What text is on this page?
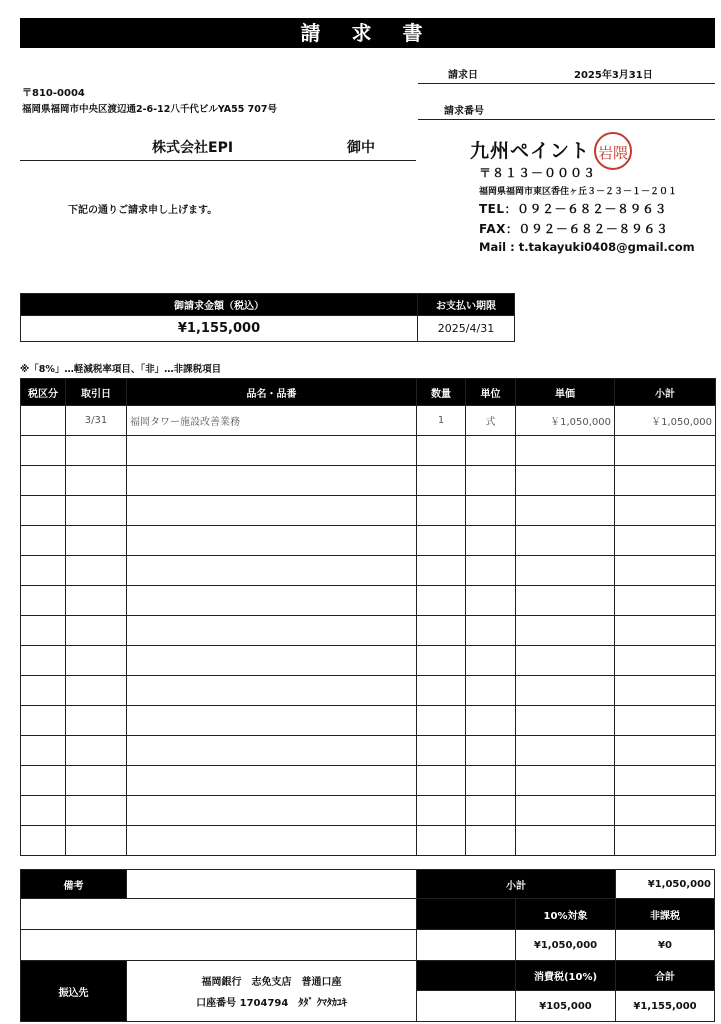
請 求 書
請求日	2025年3月31日
請求番号
〒810-0004
福岡県福岡市中央区渡辺通2-6-12八千代ビルYA55 707号
株式会社EPI	御中
下記の通りご請求申し上げます。
九州ペイント 岩隈
〒８１３－０００３
福岡県福岡市東区香住ヶ丘３－２３－１－２０１
TEL：０９２－６８２－８９６３
FAX：０９２－６８２－８９６３
Mail : t.takayuki0408@gmail.com
御請求金額（税込）	お支払い期限
¥1,155,000	2025/4/31
※「8%」…軽減税率項目、「非」…非課税項目
税区分	取引日	品名・品番	数量	単位	単価	小計
	3/31	福岡タワー施設改善業務	1	式	￥1,050,000	￥1,050,000

備考	小計	¥1,050,000
10%対象	非課税
¥1,050,000	¥0
振込先
福岡銀行　志免支店　普通口座
口座番号 1704794　ﾀﾀﾞ ｸﾏﾀｶﾕｷ
消費税(10%)	合計
¥105,000	¥1,155,000
